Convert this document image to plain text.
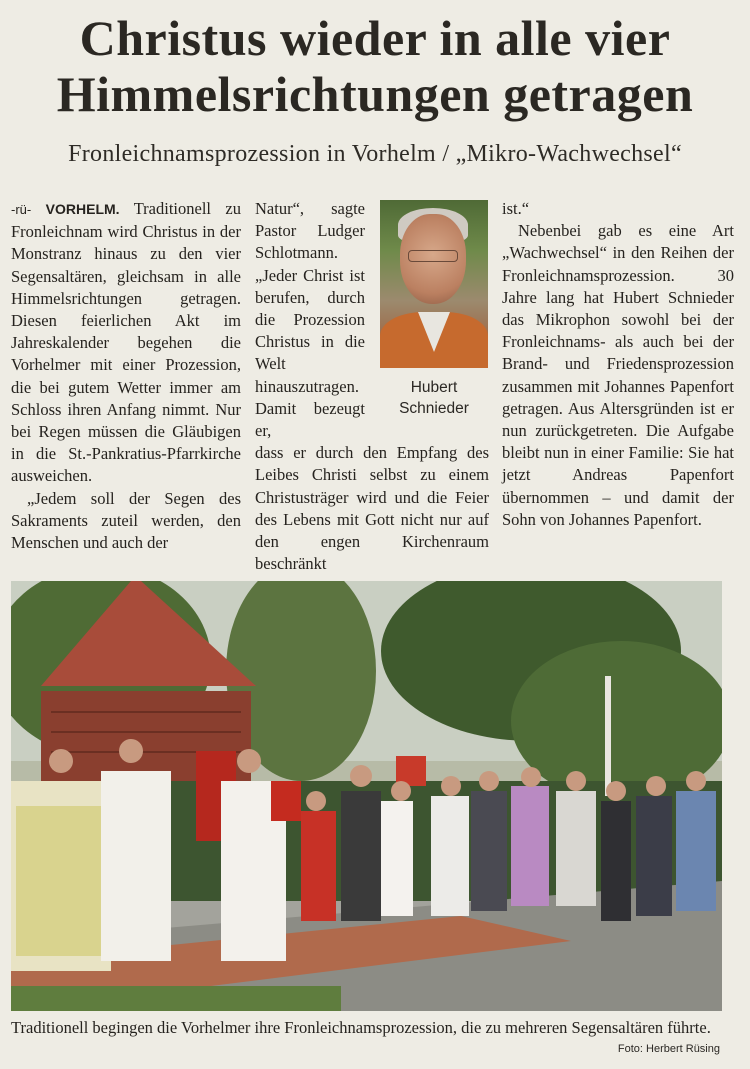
Christus wieder in alle vier
Himmelsrichtungen getragen
Fronleichnamsprozession in Vorhelm / „Mikro-Wachwechsel“

-rü- VORHELM. Traditionell zu Fronleichnam wird Christus in der Monstranz hinaus zu den vier Segensaltären, gleichsam in alle Himmelsrichtungen getragen. Diesen feierlichen Akt im Jahreskalender begehen die Vorhelmer mit einer Prozession, die bei gutem Wetter immer am Schloss ihren Anfang nimmt. Nur bei Regen müssen die Gläubigen in die St.-Pankratius-Pfarrkirche ausweichen.

„Jedem soll der Segen des Sakraments zuteil werden, den Menschen und auch der

Natur“, sagte Pastor Ludger Schlotmann. „Jeder Christ ist berufen, durch die Prozession Christus in die Welt hinauszutragen. Damit bezeugt er,

dass er durch den Empfang des Leibes Christi selbst zu einem Christusträger wird und die Feier des Lebens mit Gott nicht nur auf den engen Kirchenraum beschränkt

Hubert
Schnieder

ist.“

Nebenbei gab es eine Art „Wachwechsel“ in den Reihen der Fronleichnamsprozession. 30 Jahre lang hat Hubert Schnieder das Mikrophon sowohl bei der Fronleichnams- als auch bei der Brand- und Friedensprozession zusammen mit Johannes Papenfort getragen. Aus Altersgründen ist er nun zurückgetreten. Die Aufgabe bleibt nun in einer Familie: Sie hat jetzt Andreas Papenfort übernommen – und damit der Sohn von Johannes Papenfort.

Traditionell begingen die Vorhelmer ihre Fronleichnamsprozession, die zu mehreren Segensaltären führte.
Foto: Herbert Rüsing
